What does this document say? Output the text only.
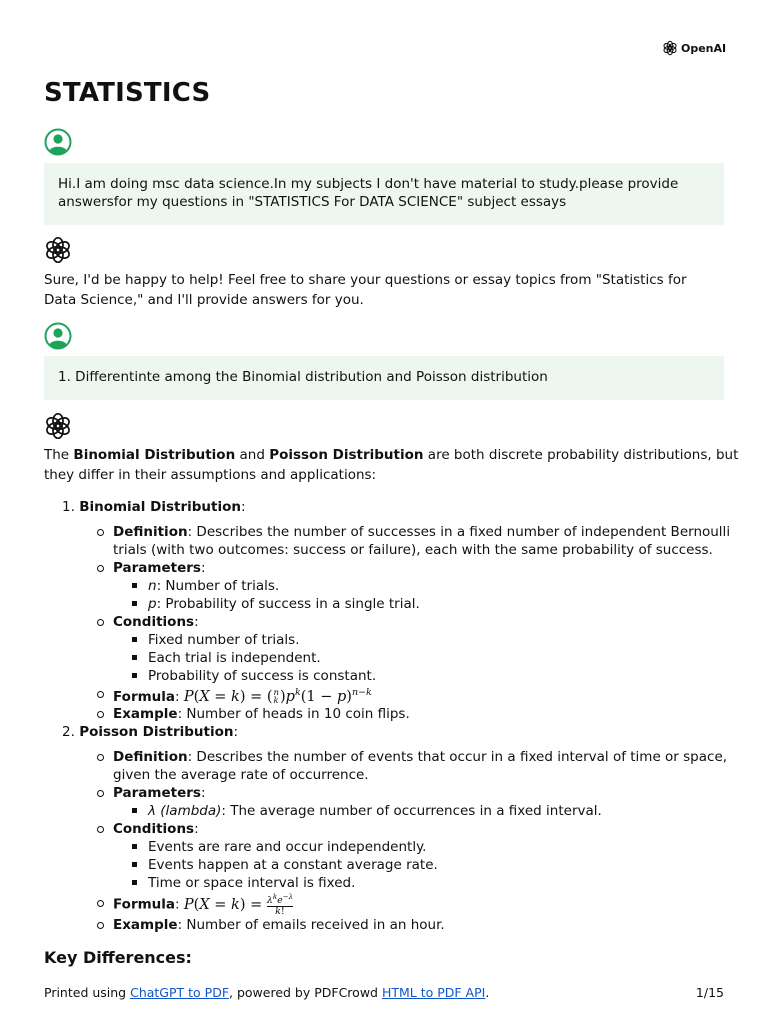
OpenAI
STATISTICS
Hi.I am doing msc data science.In my subjects I don't have material to study.please provide answersfor my questions in "STATISTICS For DATA SCIENCE" subject essays

Sure, I'd be happy to help! Feel free to share your questions or essay topics from "Statistics for Data Science," and I'll provide answers for you.

1. Differentinte among the Binomial distribution and Poisson distribution
The Binomial Distribution and Poisson Distribution are both discrete probability distributions, but
they differ in their assumptions and applications:
1. Binomial Distribution:
Definition: Describes the number of successes in a fixed number of independent Bernoulli
trials (with two outcomes: success or failure), each with the same probability of success.
Parameters:
n: Number of trials.
p: Probability of success in a single trial.
Conditions:
Fixed number of trials.
Each trial is independent.
Probability of success is constant.
Formula: P(X = k) = ( n
k )$p^k(1 - p)^{n-k}$
Example: Number of heads in 10 coin flips.
2. Poisson Distribution:
Definition: Describes the number of events that occur in a fixed interval of time or space,
given the average rate of occurrence.
Parameters:
λ (lambda): The average number of occurrences in a fixed interval.
Conditions:
Events are rare and occur independently.
Events happen at a constant average rate.
Time or space interval is fixed.
Formula: $P(X = k) = \frac{\lambda^ke^{-\lambda}}{k!}$
Example: Number of emails received in an hour.
Key Differences:
Printed using ChatGPT to PDF, powered by PDFCrowd HTML to PDF API.	1/15
